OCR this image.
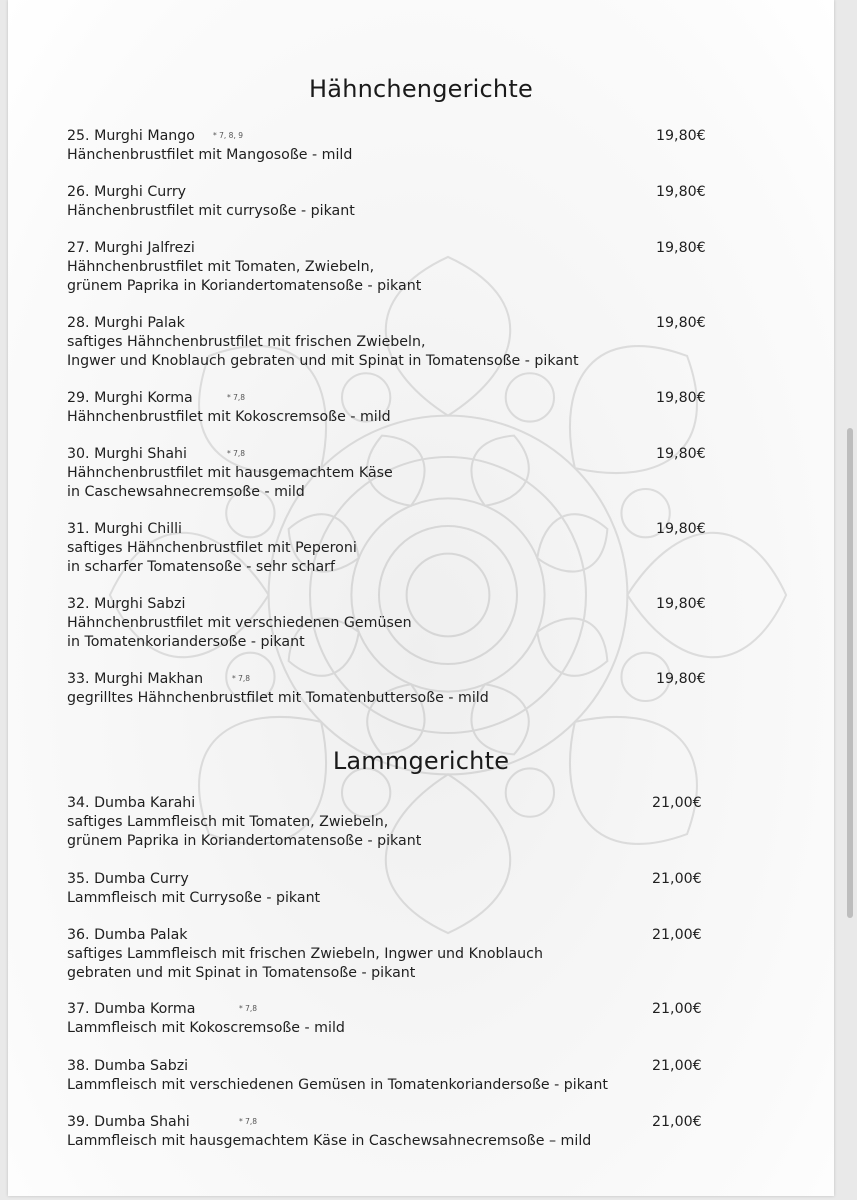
Hähnchengerichte
25. Murghi Mango	* 7, 8, 9
Hänchenbrustfilet mit Mangosoße - mild
19,80€
26. Murghi Curry
Hänchenbrustfilet mit currysoße - pikant
19,80€
27. Murghi Jalfrezi
Hähnchenbrustfilet mit Tomaten, Zwiebeln,
grünem Paprika in Koriandertomatensoße - pikant
19,80€
28. Murghi Palak
saftiges Hähnchenbrustfilet mit frischen Zwiebeln,
Ingwer und Knoblauch gebraten und mit Spinat in Tomatensoße - pikant
19,80€
29. Murghi Korma	* 7,8
Hähnchenbrustfilet mit Kokoscremsoße - mild
19,80€
30. Murghi Shahi	* 7,8
Hähnchenbrustfilet mit hausgemachtem Käse
in Caschewsahnecremsoße - mild
19,80€
31. Murghi Chilli
saftiges Hähnchenbrustfilet mit Peperoni
in scharfer Tomatensoße - sehr scharf
19,80€
32. Murghi Sabzi
Hähnchenbrustfilet mit verschiedenen Gemüsen
in Tomatenkoriandersoße - pikant
19,80€
33. Murghi Makhan	* 7,8
gegrilltes Hähnchenbrustfilet mit Tomatenbuttersoße - mild
19,80€
Lammgerichte
34. Dumba Karahi
saftiges Lammfleisch mit Tomaten, Zwiebeln,
grünem Paprika in Koriandertomatensoße - pikant
21,00€
35. Dumba Curry
Lammfleisch mit Currysoße - pikant
21,00€
36. Dumba Palak
saftiges Lammfleisch mit frischen Zwiebeln, Ingwer und Knoblauch
gebraten und mit Spinat in Tomatensoße - pikant
21,00€
37. Dumba Korma	* 7,8
Lammfleisch mit Kokoscremsoße - mild
21,00€
38. Dumba Sabzi
Lammfleisch mit verschiedenen Gemüsen in Tomatenkoriandersoße - pikant
21,00€
39. Dumba Shahi	* 7,8
Lammfleisch mit hausgemachtem Käse in Caschewsahnecremsoße – mild
21,00€
